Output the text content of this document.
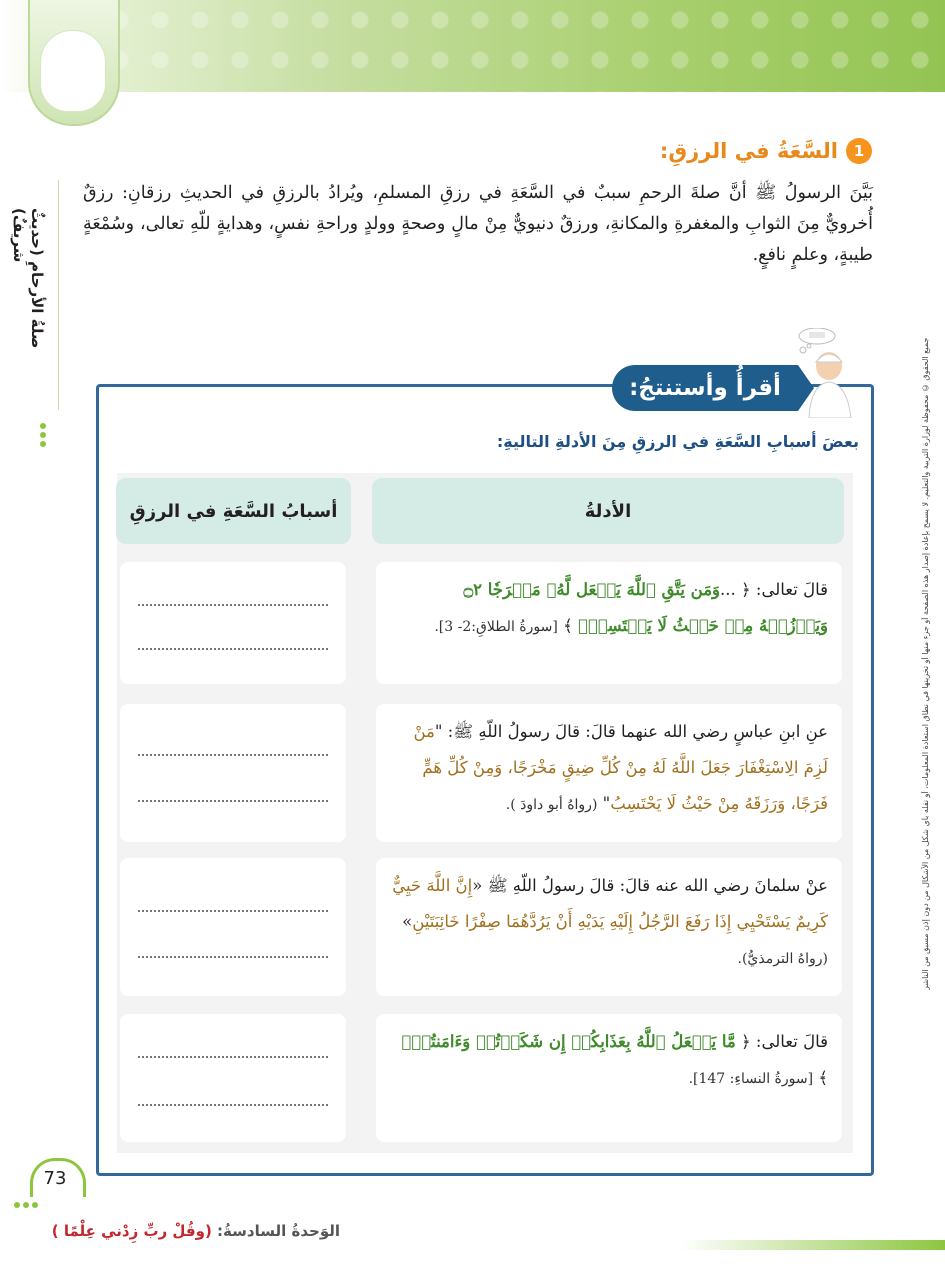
صلةُ الأرحامِ (حديثٌ شريفٌ)
جميع الحقوق © محفوظة لوزارة التربية والتعليم. لا يسمح بإعادة إصدار هذه الصفحة أو جزء منها أو تخزينها في نطاق استعادة المعلومات، أو نقله بأي شكل من الأشكال من دون إذن مسبق من الناشر
1
السَّعَةُ في الرزقِ:
بَيَّنَ الرسولُ ﷺ أنَّ صلةَ الرحمِ سببٌ في السَّعَةِ في رزقِ المسلمِ، ويُرادُ بالرزقِ في الحديثِ رزقانِ: رزقٌ أُخرويٌّ مِنَ الثوابِ والمغفرةِ والمكانةِ، ورزقٌ دنيويٌّ مِنْ مالٍ وصحةٍ وولدٍ وراحةِ نفسٍ، وهدايةٍ للّهِ تعالى، وسُمْعَةٍ طيبةٍ، وعلمٍ نافعٍ.
أقرأُ وأستنتجُ:
بعضَ أسبابِ السَّعَةِ في الرزقِ مِنَ الأدلةِ التاليةِ:
الأدلةُ
أسبابُ السَّعَةِ في الرزقِ
قالَ تعالى: ﴿ ...وَمَن يَتَّقِ ٱللَّهَ يَجۡعَل لَّهُۥ مَخۡرَجٗا ۝٢ وَيَرۡزُقۡهُ مِنۡ حَيۡثُ لَا يَحۡتَسِبُۚ ﴾ [سورةُ الطلاقِ:2- 3].
عنِ ابنِ عباسٍ رضي الله عنهما قالَ: قالَ رسولُ اللّهِ ﷺ: "مَنْ لَزِمَ الِاسْتِغْفَارَ جَعَلَ اللَّهُ لَهُ مِنْ كُلِّ ضِيقٍ مَخْرَجًا، وَمِنْ كُلِّ هَمٍّ فَرَجًا، وَرَزَقَهُ مِنْ حَيْثُ لَا يَحْتَسِبُ" (رواهُ أبو داودَ ).
عنْ سلمانَ رضي الله عنه قالَ: قالَ رسولُ اللّهِ ﷺ «إِنَّ اللَّهَ حَيِيٌّ كَرِيمٌ يَسْتَحْيِي إِذَا رَفَعَ الرَّجُلُ إِلَيْهِ يَدَيْهِ أَنْ يَرُدَّهُمَا صِفْرًا خَائِبَتَيْنِ» (رواهُ الترمذيُّ).
قالَ تعالى: ﴿ مَّا يَفۡعَلُ ٱللَّهُ بِعَذَابِكُمۡ إِن شَكَرۡتُمۡ وَءَامَنتُمۡۚ ﴾ [سورةُ النساءِ: 147].
73
الوَحدةُ السادسةُ: (وقُلْ ربِّ زِدْني عِلْمًا )
